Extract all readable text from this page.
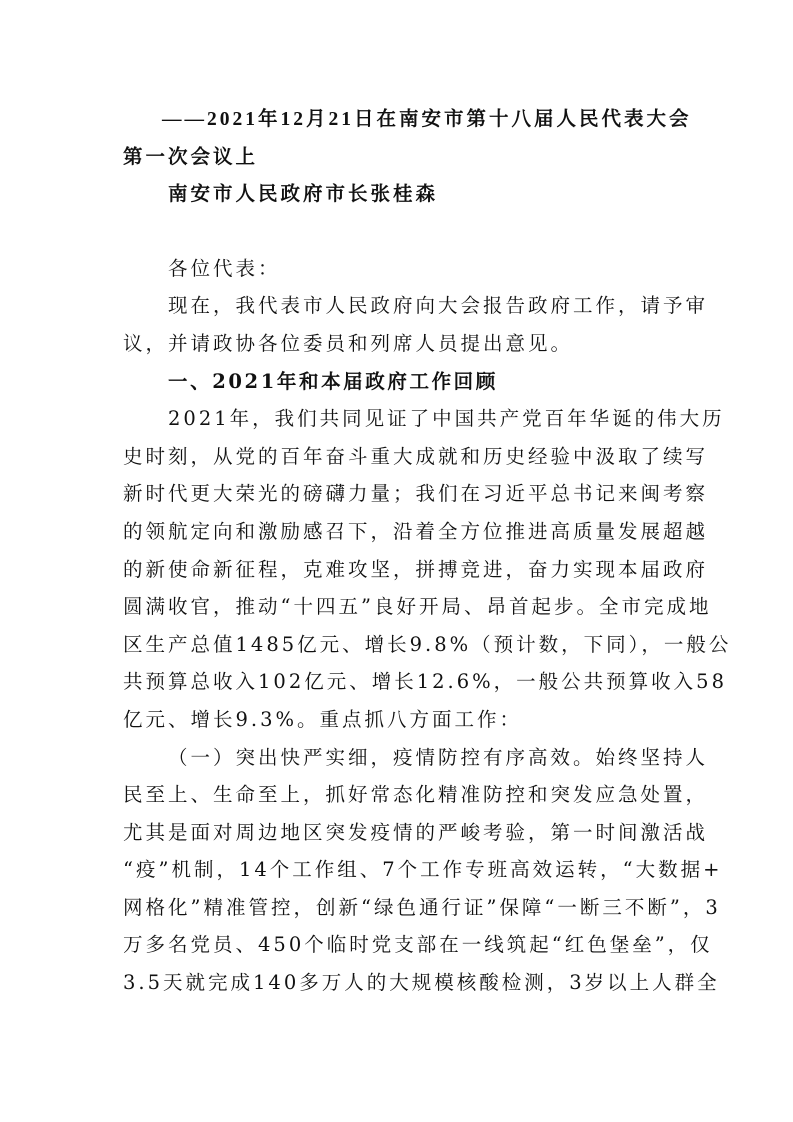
——2021年12月21日在南安市第十八届人民代表大会
第一次会议上
南安市人民政府市长张桂森
各位代表：
现在，我代表市人民政府向大会报告政府工作，请予审
议，并请政协各位委员和列席人员提出意见。
一、2021年和本届政府工作回顾
2021年，我们共同见证了中国共产党百年华诞的伟大历
史时刻，从党的百年奋斗重大成就和历史经验中汲取了续写
新时代更大荣光的磅礴力量；我们在习近平总书记来闽考察
的领航定向和激励感召下，沿着全方位推进高质量发展超越
的新使命新征程，克难攻坚，拼搏竞进，奋力实现本届政府
圆满收官，推动“十四五”良好开局、昂首起步。全市完成地
区生产总值1485亿元、增长9.8%（预计数，下同），一般公
共预算总收入102亿元、增长12.6%，一般公共预算收入58
亿元、增长9.3%。重点抓八方面工作：
（一）突出快严实细，疫情防控有序高效。始终坚持人
民至上、生命至上，抓好常态化精准防控和突发应急处置，
尤其是面对周边地区突发疫情的严峻考验，第一时间激活战
“疫”机制，14个工作组、7个工作专班高效运转，“大数据+
网格化”精准管控，创新“绿色通行证”保障“一断三不断”，3
万多名党员、450个临时党支部在一线筑起“红色堡垒”，仅
3.5天就完成140多万人的大规模核酸检测，3岁以上人群全
